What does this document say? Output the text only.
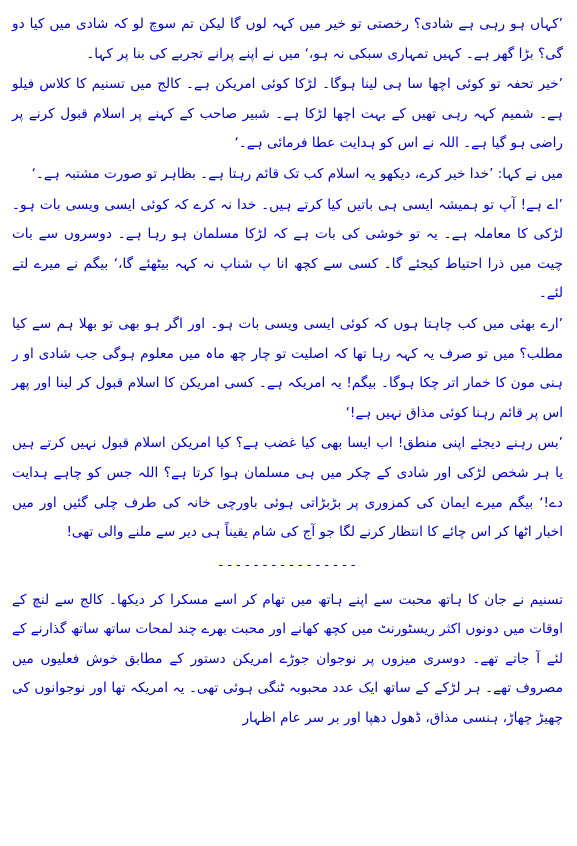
’کہاں ہو رہی ہے شادی؟ رخصتی تو خیر میں کہہ لوں گا لیکن تم سوچ لو کہ شادی میں کیا دو گی؟ بڑا گھر ہے۔ کہیں تمہاری سبکی نہ ہو،‘ میں نے اپنے پرانے تجربے کی بنا پر کہا۔

’خیر تحفہ تو کوئی اچھا سا ہی لینا ہوگا۔ لڑکا کوئی امریکن ہے۔ کالج میں تسنیم کا کلاس فیلو ہے۔ شمیم کہہ رہی تھیں کے بہت اچھا لڑکا ہے۔ شبیر صاحب کے کہنے پر اسلام قبول کرنے پر راضی ہو گیا ہے۔ اللہ نے اس کو ہدایت عطا فرمائی ہے۔‘

میں نے کہا: ’خدا خیر کرے، دیکھو یہ اسلام کب تک قائم رہتا ہے۔ بظاہر تو صورت مشتبہ ہے۔‘

’اے ہے! آپ تو ہمیشہ ایسی ہی باتیں کیا کرتے ہیں۔ خدا نہ کرے کہ کوئی ایسی ویسی بات ہو۔ لڑکی کا معاملہ ہے۔ یہ تو خوشی کی بات ہے کہ لڑکا مسلمان ہو رہا ہے۔ دوسروں سے بات چیت میں ذرا احتیاط کیجئے گا۔ کسی سے کچھ انا پ شناپ نہ کہہ بیٹھئے گا،‘ بیگم نے میرے لتے لئے۔

’ارے بھئی میں کب چاہتا ہوں کہ کوئی ایسی ویسی بات ہو۔ اور اگر ہو بھی تو بھلا ہم سے کیا مطلب؟ میں تو صرف یہ کہہ رہا تھا کہ اصلیت تو چار چھ ماہ میں معلوم ہوگی جب شادی او ر ہنی مون کا خمار اتر چکا ہوگا۔ بیگم! یہ امریکہ ہے۔ کسی امریکن کا اسلام قبول کر لینا اور پھر اس پر قائم رہنا کوئی مذاق نہیں ہے!‘

’بس رہنے دیجئے اپنی منطق! اب ایسا بھی کیا غضب ہے؟ کیا امریکن اسلام قبول نہیں کرتے ہیں یا ہر شخص لڑکی اور شادی کے چکر میں ہی مسلمان ہوا کرتا ہے؟ اللہ جس کو چاہے ہدایت دے!‘ بیگم میرے ایمان کی کمزوری پر بڑبڑاتی ہوئی باورچی خانہ کی طرف چلی گئیں اور میں اخبار اٹھا کر اس چائے کا انتظار کرنے لگا جو آج کی شام یقیناً ہی دیر سے ملنے والی تھی!

----------------

تسنیم نے جان کا ہاتھ محبت سے اپنے ہاتھ میں تھام کر اسے مسکرا کر دیکھا۔ کالج سے لنچ کے اوقات میں دونوں اکثر ریسٹورنٹ میں کچھ کھانے اور محبت بھرے چند لمحات ساتھ ساتھ گذارنے کے لئے آ جاتے تھے۔ دوسری میزوں پر نوجوان جوڑے امریکن دستور کے مطابق خوش فعلیوں میں مصروف تھے۔ ہر لڑکے کے ساتھ ایک عدد محبوبہ ٹنگی ہوئی تھی۔ یہ امریکہ تھا اور نوجوانوں کی چھیڑ چھاڑ، ہنسی مذاق، ڈھول دھپا اور بر سر عام اظہار
